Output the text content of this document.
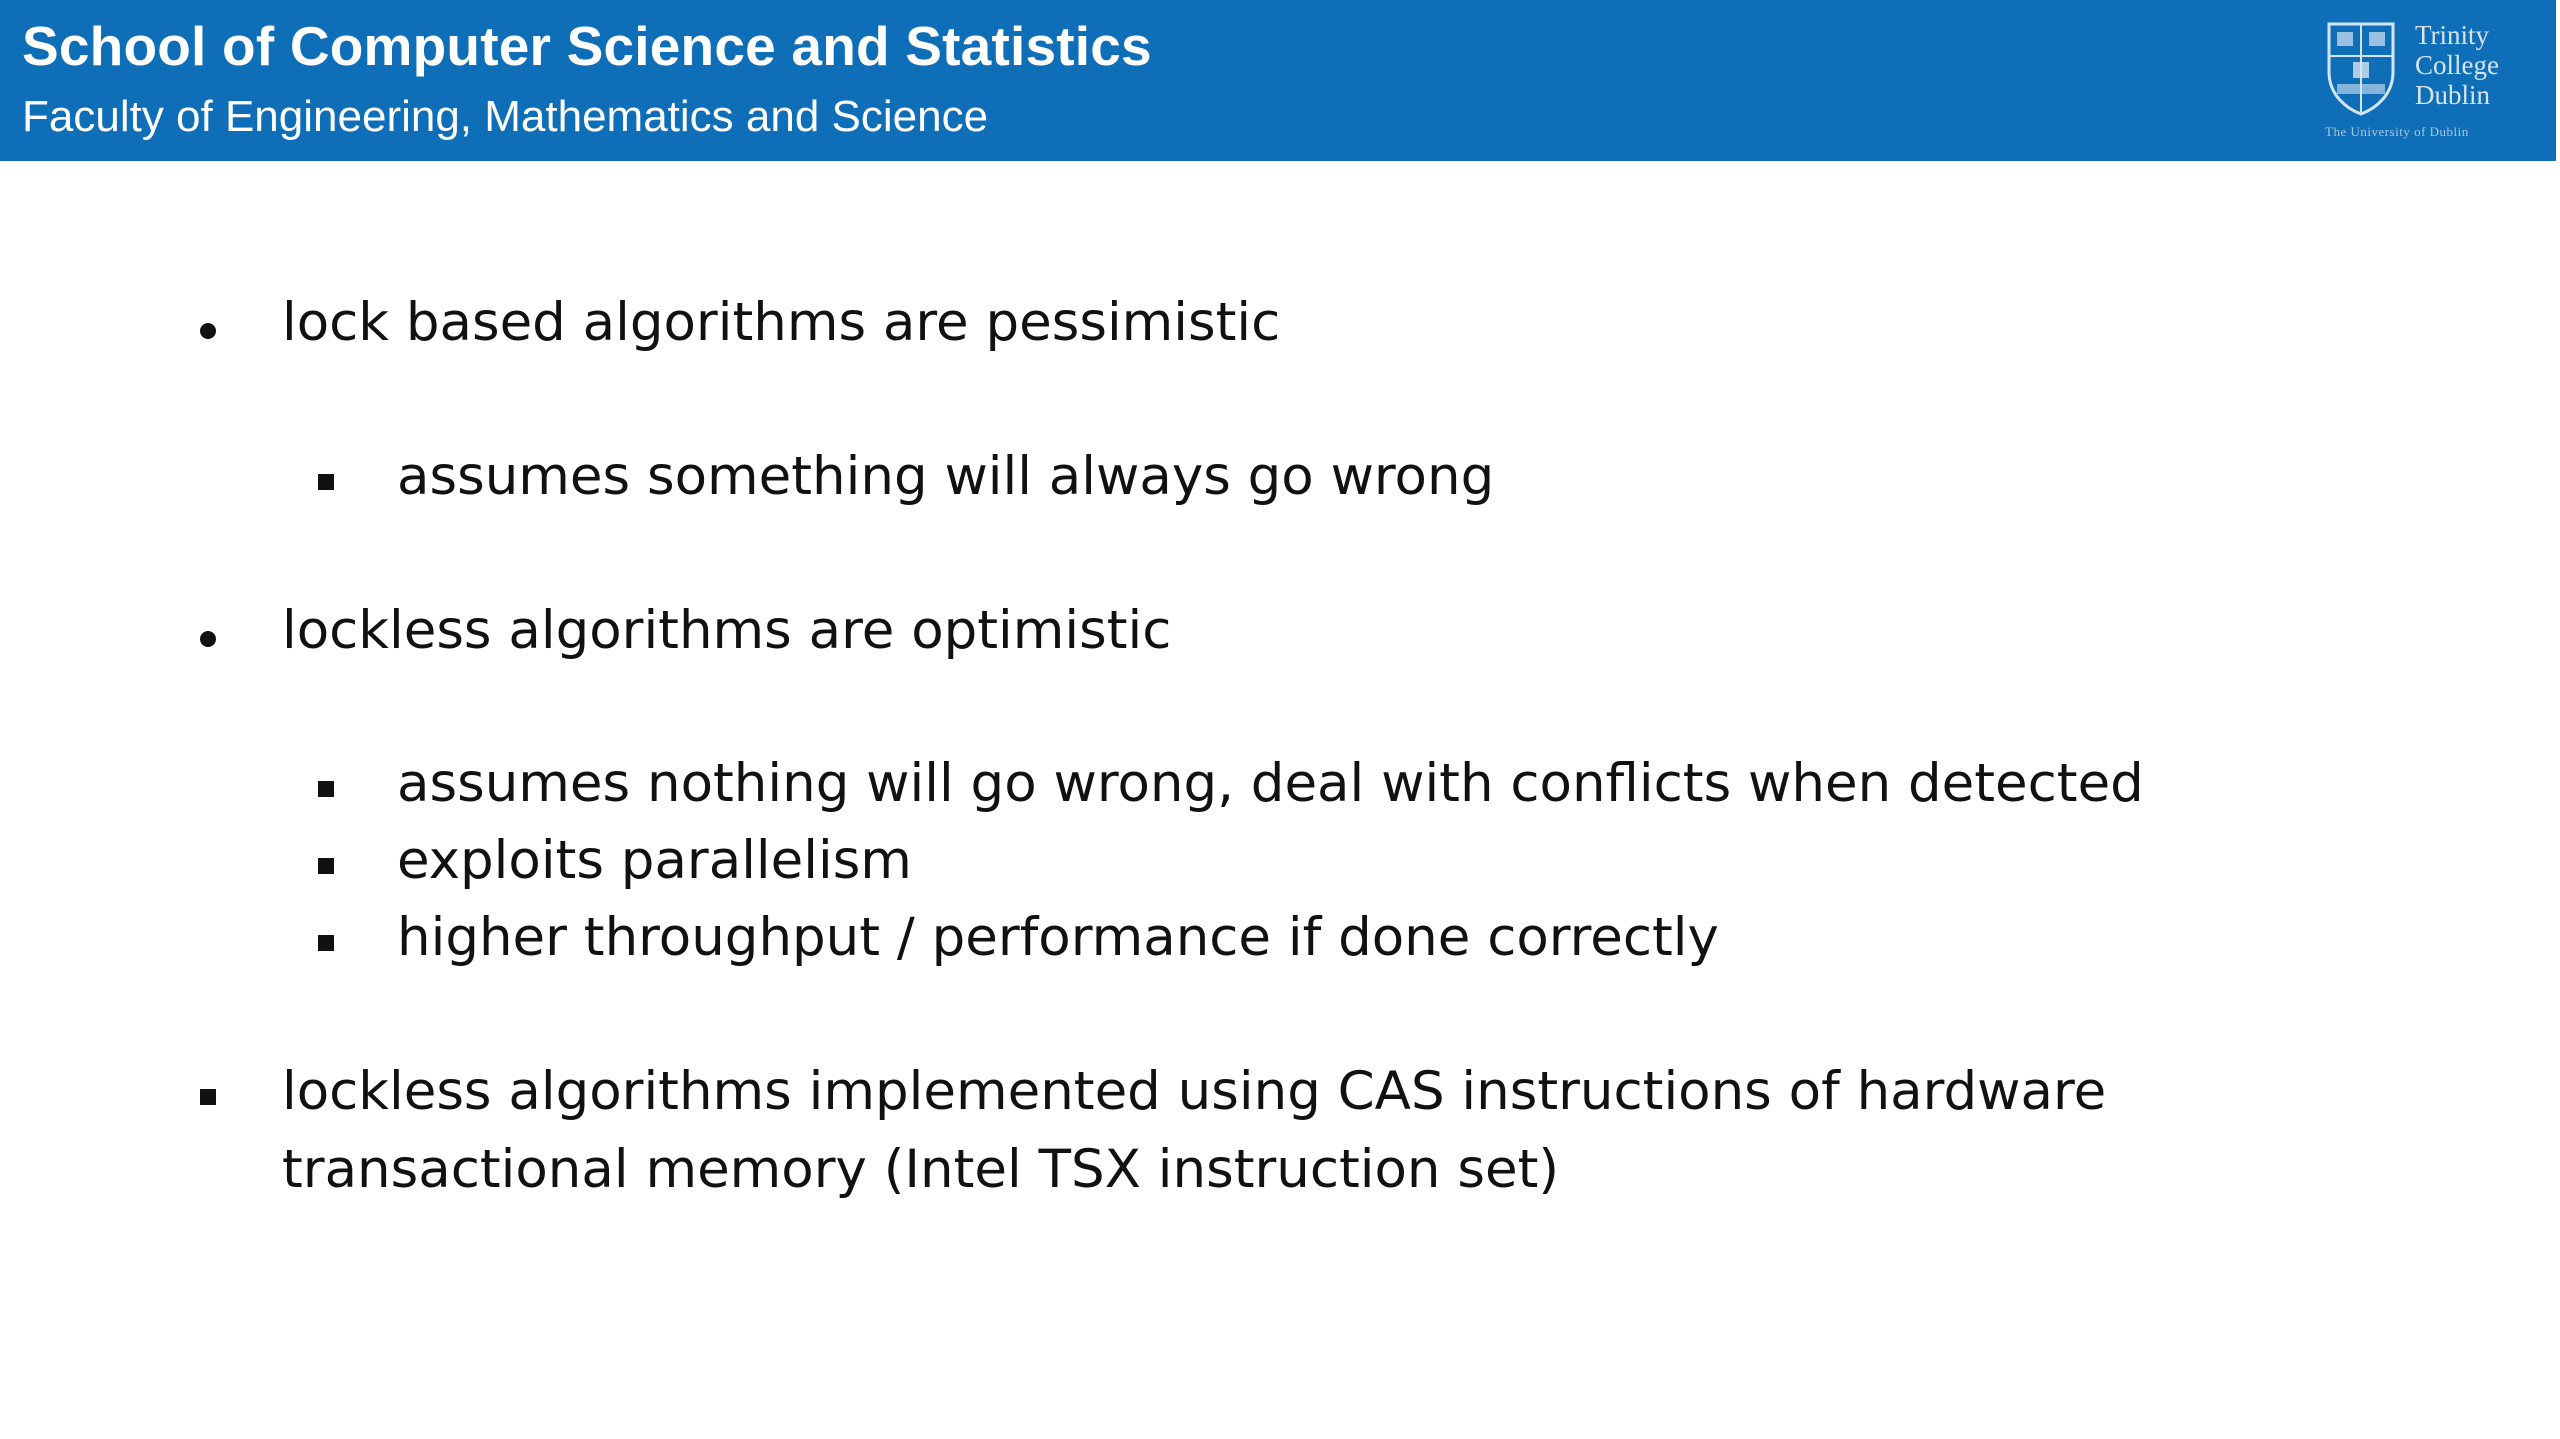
School of Computer Science and Statistics
Faculty of Engineering, Mathematics and Science
Trinity
College
Dublin
The University of Dublin
lock based algorithms are pessimistic
assumes something will always go wrong
lockless algorithms are optimistic
assumes nothing will go wrong, deal with conflicts when detected
exploits parallelism
higher throughput / performance if done correctly
lockless algorithms implemented using CAS instructions of hardware
transactional memory (Intel TSX instruction set)
